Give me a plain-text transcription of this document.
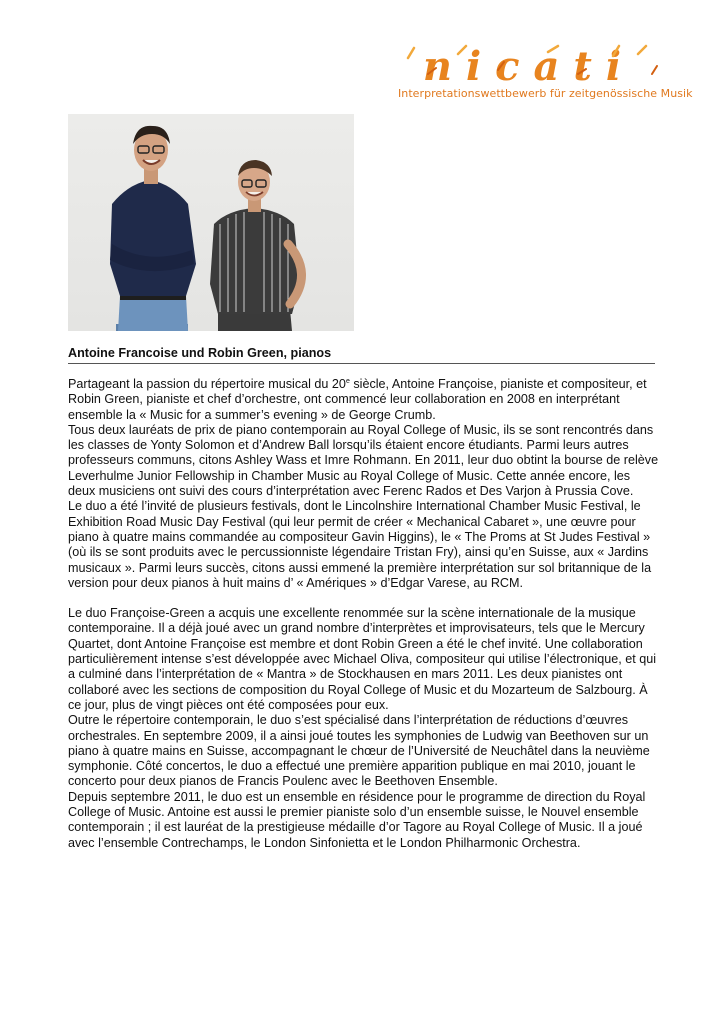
nicati
Interpretationswettbewerb für zeitgenössische Musik
Antoine Francoise und Robin Green, pianos

Partageant la passion du répertoire musical du 20e siècle, Antoine Françoise, pianiste et compositeur, et Robin Green, pianiste et chef d’orchestre, ont commencé leur collaboration en 2008 en interprétant ensemble la « Music for a summer’s evening » de George Crumb.

Tous deux lauréats de prix de piano contemporain au Royal College of Music, ils se sont rencontrés dans les classes de Yonty Solomon et d’Andrew Ball lorsqu’ils étaient encore étudiants. Parmi leurs autres professeurs communs, citons Ashley Wass et Imre Rohmann. En 2011, leur duo obtint la bourse de relève Leverhulme Junior Fellowship in Chamber Music au Royal College of Music. Cette année encore, les deux musiciens ont suivi des cours d’interprétation avec Ferenc Rados et Des Varjon à Prussia Cove.

Le duo a été l’invité de plusieurs festivals, dont le Lincolnshire International Chamber Music Festival, le Exhibition Road Music Day Festival (qui leur permit de créer « Mechanical Cabaret », une œuvre pour piano à quatre mains commandée au compositeur Gavin Higgins), le « The Proms at St Judes Festival » (où ils se sont produits avec le percussionniste légendaire Tristan Fry), ainsi qu’en Suisse, aux « Jardins musicaux ». Parmi leurs succès, citons aussi emmené la première interprétation sur sol britannique de la version pour deux pianos à huit mains d’ « Amériques » d’Edgar Varese, au RCM.

Le duo Françoise-Green a acquis une excellente renommée sur la scène internationale de la musique contemporaine. Il a déjà joué avec un grand nombre d’interprètes et improvisateurs, tels que le Mercury Quartet, dont Antoine Françoise est membre et dont Robin Green a été le chef invité. Une collaboration particulièrement intense s’est développée avec Michael Oliva, compositeur qui utilise l’électronique, et qui a culminé dans l’interprétation de « Mantra » de Stockhausen en mars 2011. Les deux pianistes ont collaboré avec les sections de composition du Royal College of Music et du Mozarteum de Salzbourg. À ce jour, plus de vingt pièces ont été composées pour eux.

Outre le répertoire contemporain, le duo s’est spécialisé dans l’interprétation de réductions d’œuvres orchestrales. En septembre 2009, il a ainsi joué toutes les symphonies de Ludwig van Beethoven sur un piano à quatre mains en Suisse, accompagnant le chœur de l’Université de Neuchâtel dans la neuvième symphonie. Côté concertos, le duo a effectué une première apparition publique en mai 2010, jouant le concerto pour deux pianos de Francis Poulenc avec le Beethoven Ensemble.

Depuis septembre 2011, le duo est un ensemble en résidence pour le programme de direction du Royal College of Music. Antoine est aussi le premier pianiste solo d’un ensemble suisse, le Nouvel ensemble contemporain ; il est lauréat de la prestigieuse médaille d’or Tagore au Royal College of Music. Il a joué avec l’ensemble Contrechamps, le London Sinfonietta et le London Philharmonic Orchestra.
